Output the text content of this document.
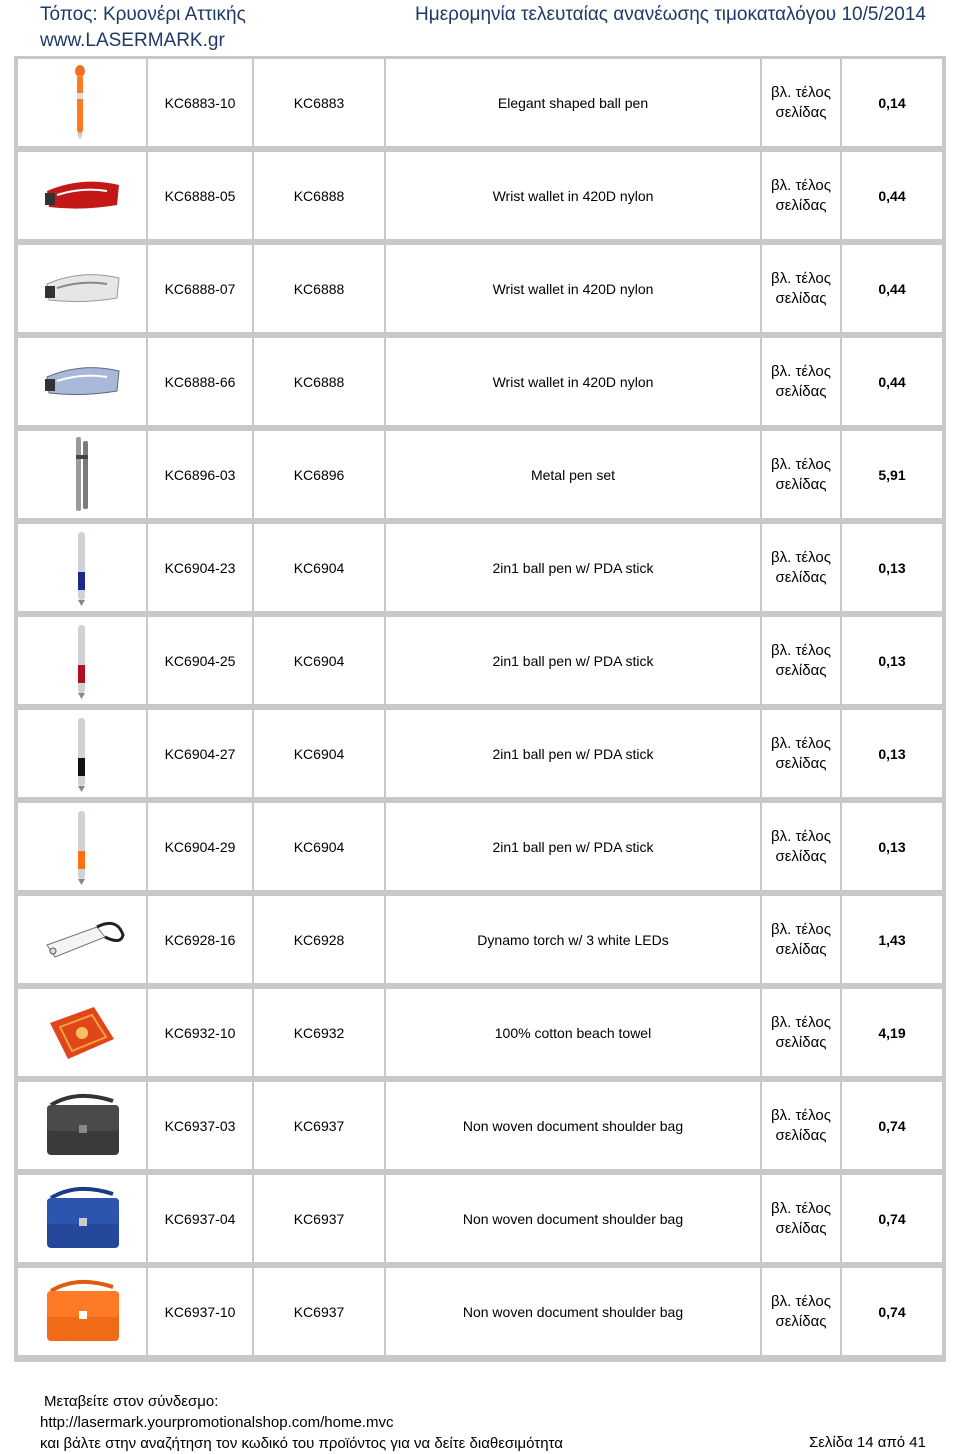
Τόπος: Κρυονέρι Αττικής
www.LASERMARK.gr
Ημερομηνία τελευταίας ανανέωσης τιμοκαταλόγου 10/5/2014
KC6883-10	KC6883	Elegant shaped ball pen
βλ. τέλος
σελίδας
0,14
KC6888-05	KC6888	Wrist wallet in 420D nylon
βλ. τέλος
σελίδας
0,44
KC6888-07	KC6888	Wrist wallet in 420D nylon
βλ. τέλος
σελίδας
0,44
KC6888-66	KC6888	Wrist wallet in 420D nylon
βλ. τέλος
σελίδας
0,44
KC6896-03	KC6896	Metal pen set
βλ. τέλος
σελίδας
5,91
KC6904-23	KC6904	2in1 ball pen w/ PDA stick
βλ. τέλος
σελίδας
0,13
KC6904-25	KC6904	2in1 ball pen w/ PDA stick
βλ. τέλος
σελίδας
0,13
KC6904-27	KC6904	2in1 ball pen w/ PDA stick
βλ. τέλος
σελίδας
0,13
KC6904-29	KC6904	2in1 ball pen w/ PDA stick
βλ. τέλος
σελίδας
0,13
KC6928-16	KC6928	Dynamo torch w/ 3 white LEDs
βλ. τέλος
σελίδας
1,43
KC6932-10	KC6932	100% cotton beach towel
βλ. τέλος
σελίδας
4,19
KC6937-03	KC6937	Non woven document shoulder bag
βλ. τέλος
σελίδας
0,74
KC6937-04	KC6937	Non woven document shoulder bag
βλ. τέλος
σελίδας
0,74
KC6937-10	KC6937	Non woven document shoulder bag
βλ. τέλος
σελίδας
0,74
Μεταβείτε στον σύνδεσμο:
http://lasermark.yourpromotionalshop.com/home.mvc
και βάλτε στην αναζήτηση τον κωδικό του προϊόντος για να δείτε διαθεσιμότητα	Σελίδα 14 από 41
